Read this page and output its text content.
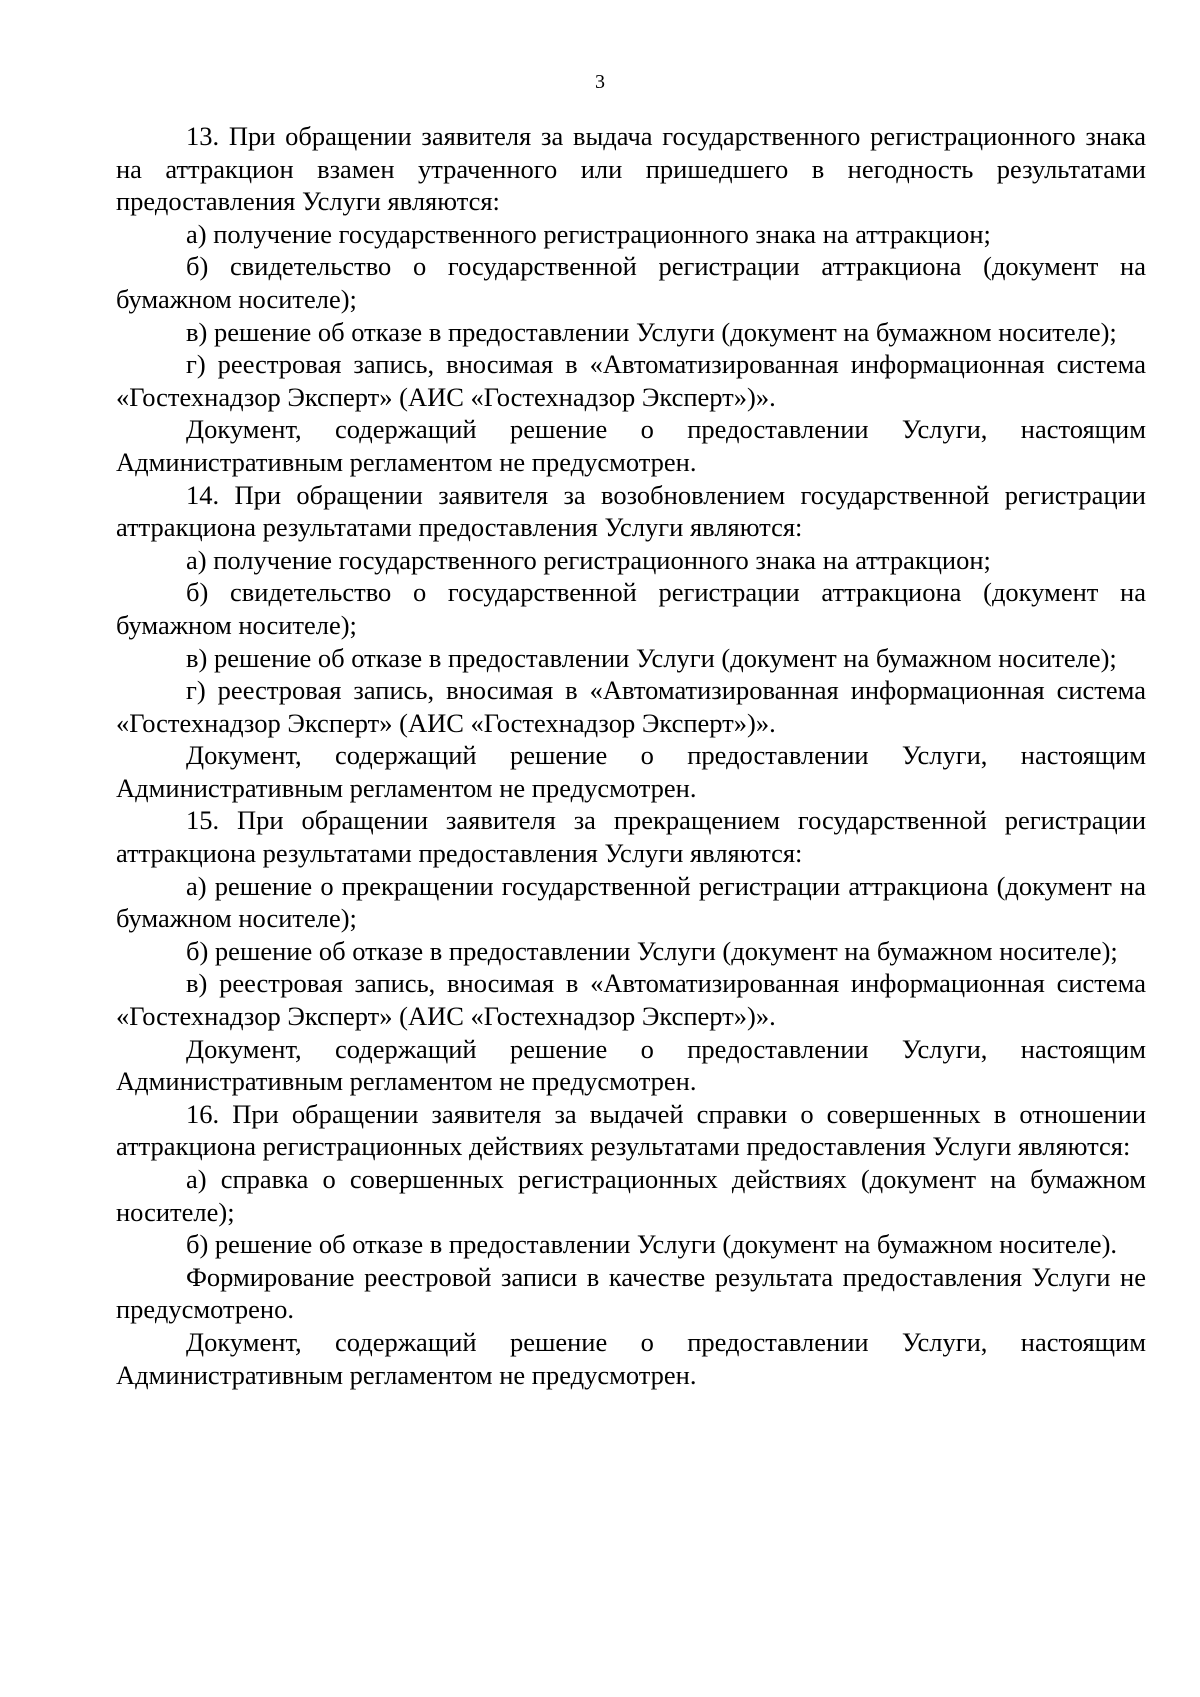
3

13. При обращении заявителя за выдача государственного регистрационного знака на аттракцион взамен утраченного или пришедшего в негодность результатами предоставления Услуги являются:

а) получение государственного регистрационного знака на аттракцион;

б) свидетельство о государственной регистрации аттракциона (документ на бумажном носителе);

в) решение об отказе в предоставлении Услуги (документ на бумажном носителе);

г) реестровая запись, вносимая в «Автоматизированная информационная система «Гостехнадзор Эксперт» (АИС «Гостехнадзор Эксперт»)».

Документ, содержащий решение о предоставлении Услуги, настоящим Административным регламентом не предусмотрен.

14. При обращении заявителя за возобновлением государственной регистрации аттракциона результатами предоставления Услуги являются:

а) получение государственного регистрационного знака на аттракцион;

б) свидетельство о государственной регистрации аттракциона (документ на бумажном носителе);

в) решение об отказе в предоставлении Услуги (документ на бумажном носителе);

г) реестровая запись, вносимая в «Автоматизированная информационная система «Гостехнадзор Эксперт» (АИС «Гостехнадзор Эксперт»)».

Документ, содержащий решение о предоставлении Услуги, настоящим Административным регламентом не предусмотрен.

15. При обращении заявителя за прекращением государственной регистрации аттракциона результатами предоставления Услуги являются:

а) решение о прекращении государственной регистрации аттракциона (документ на бумажном носителе);

б) решение об отказе в предоставлении Услуги (документ на бумажном носителе);

в) реестровая запись, вносимая в «Автоматизированная информационная система «Гостехнадзор Эксперт» (АИС «Гостехнадзор Эксперт»)».

Документ, содержащий решение о предоставлении Услуги, настоящим Административным регламентом не предусмотрен.

16. При обращении заявителя за выдачей справки о совершенных в отношении аттракциона регистрационных действиях результатами предоставления Услуги являются:

а) справка о совершенных регистрационных действиях (документ на бумажном носителе);

б) решение об отказе в предоставлении Услуги (документ на бумажном носителе).

Формирование реестровой записи в качестве результата предоставления Услуги не предусмотрено.

Документ, содержащий решение о предоставлении Услуги, настоящим Административным регламентом не предусмотрен.
